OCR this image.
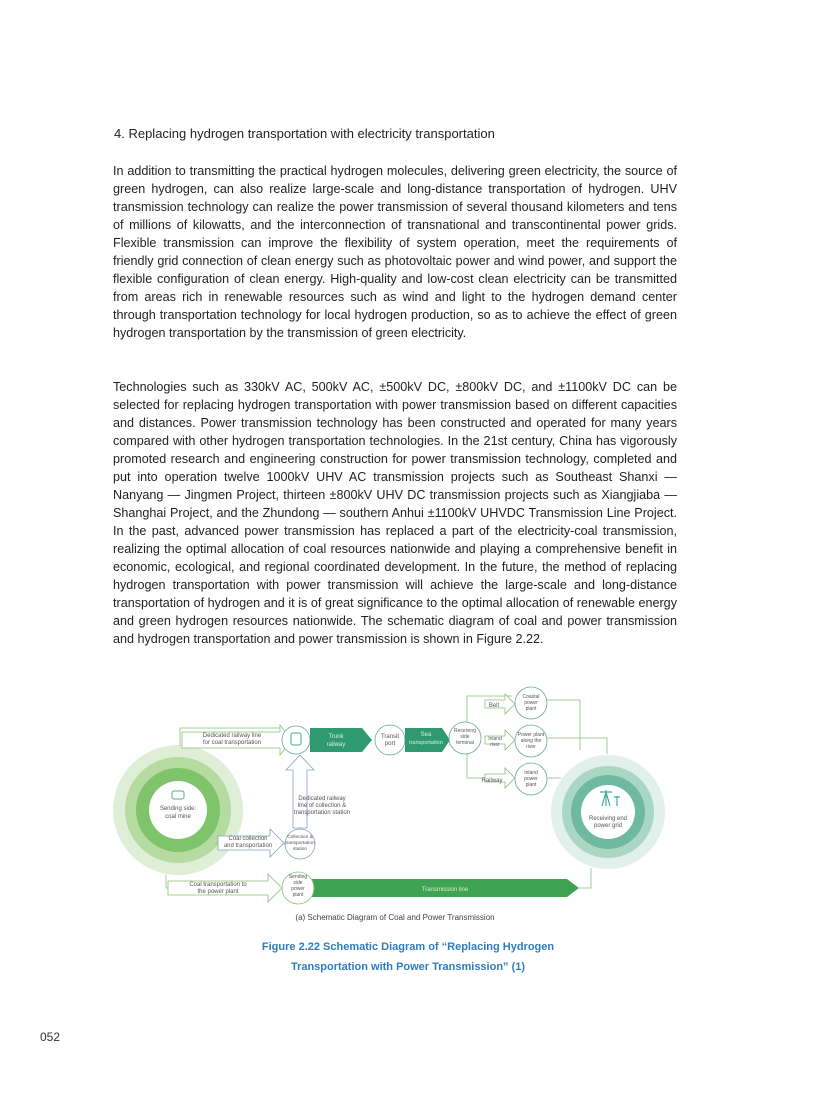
4. Replacing hydrogen transportation with electricity transportation

In addition to transmitting the practical hydrogen molecules, delivering green electricity, the source of green hydrogen, can also realize large-scale and long-distance transportation of hydrogen. UHV transmission technology can realize the power transmission of several thousand kilometers and tens of millions of kilowatts, and the interconnection of transnational and transcontinental power grids. Flexible transmission can improve the flexibility of system operation, meet the requirements of friendly grid connection of clean energy such as photovoltaic power and wind power, and support the flexible configuration of clean energy. High-quality and low-cost clean electricity can be transmitted from areas rich in renewable resources such as wind and light to the hydrogen demand center through transportation technology for local hydrogen production, so as to achieve the effect of green hydrogen transportation by the transmission of green electricity.

Technologies such as 330kV AC, 500kV AC, ±500kV DC, ±800kV DC, and ±1100kV DC can be selected for replacing hydrogen transportation with power transmission based on different capacities and distances. Power transmission technology has been constructed and operated for many years compared with other hydrogen transportation technologies. In the 21st century, China has vigorously promoted research and engineering construction for power transmission technology, completed and put into operation twelve 1000kV UHV AC transmission projects such as Southeast Shanxi — Nanyang — Jingmen Project, thirteen ±800kV UHV DC transmission projects such as Xiangjiaba — Shanghai Project, and the Zhundong — southern Anhui ±1100kV UHVDC Transmission Line Project. In the past, advanced power transmission has replaced a part of the electricity-coal transmission, realizing the optimal allocation of coal resources nationwide and playing a comprehensive benefit in economic, ecological, and regional coordinated development. In the future, the method of replacing hydrogen transportation with power transmission will achieve the large-scale and long-distance transportation of hydrogen and it is of great significance to the optimal allocation of renewable energy and green hydrogen resources nationwide. The schematic diagram of coal and power transmission and hydrogen transportation and power transmission is shown in Figure 2.22.

Sending side:
coal mine	Receiving end
power grid
Dedicated railway line
for coal transportation
Coal collection
and transportation
Coal transportation to
the power plant
Dedicated railway
line of collection &
transportation station
Trunk
railway
Transit
port
Sea
transportation
Receiving
side
terminal
Belt
Inland
river
Railway
Coastal
power
plant
Power plant
along the
river
Inland
power
plant
Collection &
transportation
station
Transmission line
Sending
side
power
plant
(a) Schematic Diagram of Coal and Power Transmission
Figure 2.22 Schematic Diagram of “Replacing Hydrogen
Transportation with Power Transmission” (1)
052
